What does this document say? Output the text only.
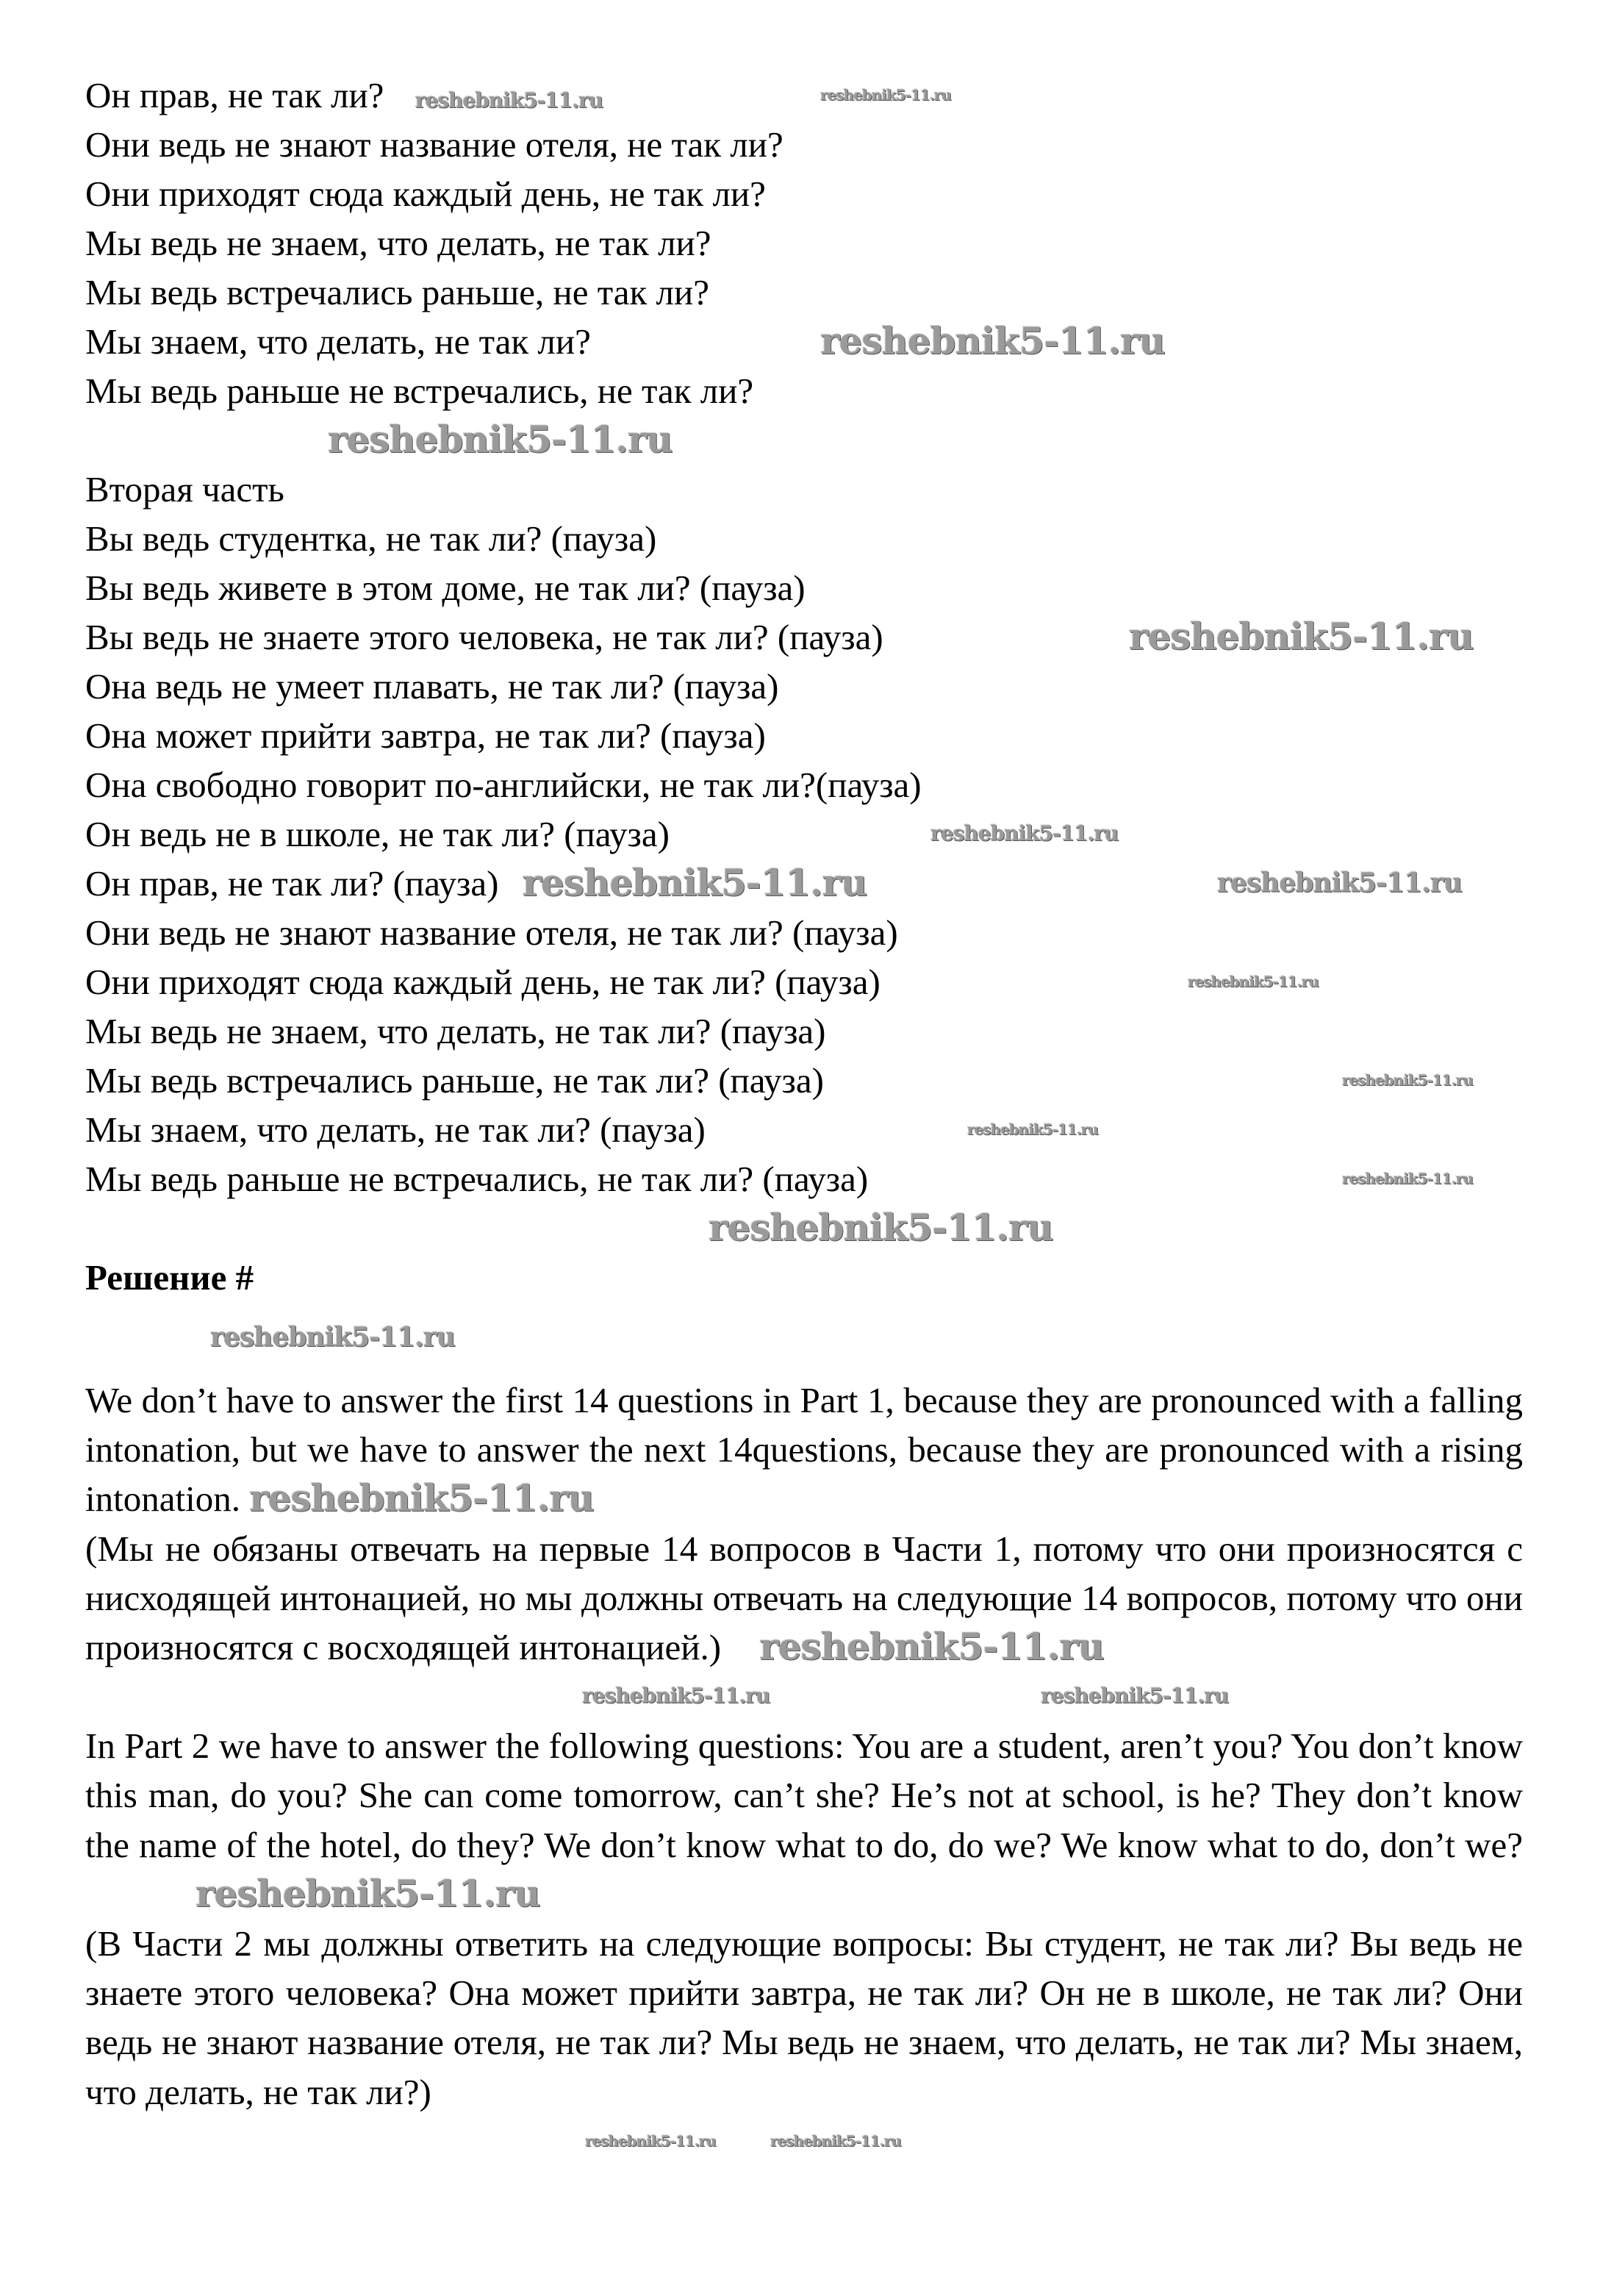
Он прав, не так ли? reshebnik5-11.ru	reshebnik5-11.ru
Они ведь не знают название отеля, не так ли?
Они приходят сюда каждый день, не так ли?
Мы ведь не знаем, что делать, не так ли?
Мы ведь встречались раньше, не так ли?
Мы знаем, что делать, не так ли?	reshebnik5-11.ru
Мы ведь раньше не встречались, не так ли?
reshebnik5-11.ru
Вторая часть
Вы ведь студентка, не так ли? (пауза)
Вы ведь живете в этом доме, не так ли? (пауза)
Вы ведь не знаете этого человека, не так ли? (пауза)	reshebnik5-11.ru
Она ведь не умеет плавать, не так ли? (пауза)
Она может прийти завтра, не так ли? (пауза)
Она свободно говорит по-английски, не так ли?(пауза)
Он ведь не в школе, не так ли? (пауза)	reshebnik5-11.ru
Он прав, не так ли? (пауза) reshebnik5-11.ru	reshebnik5-11.ru
Они ведь не знают название отеля, не так ли? (пауза)
Они приходят сюда каждый день, не так ли? (пауза)	reshebnik5-11.ru
Мы ведь не знаем, что делать, не так ли? (пауза)
Мы ведь встречались раньше, не так ли? (пауза)	reshebnik5-11.ru
Мы знаем, что делать, не так ли? (пауза)	reshebnik5-11.ru
Мы ведь раньше не встречались, не так ли? (пауза)	reshebnik5-11.ru
reshebnik5-11.ru
Решение #
reshebnik5-11.ru
We don’t have to answer the first 14 questions in Part 1, because they are pronounced with a falling intonation, but we have to answer the next 14questions, because they are pronounced with a rising intonation. reshebnik5-11.ru
(Мы не обязаны отвечать на первые 14 вопросов в Части 1, потому что они произносятся с нисходящей интонацией, но мы должны отвечать на следующие 14 вопросов, потому что они произносятся с восходящей интонацией.) reshebnik5-11.ru
reshebnik5-11.ru	reshebnik5-11.ru
In Part 2 we have to answer the following questions: You are a student, aren’t you? You don’t know this man, do you? She can come tomorrow, can’t she? He’s not at school, is he? They don’t know the name of the hotel, do they? We don’t know what to do, do we? We know what to do, don’t we? reshebnik5-11.ru
(В Части 2 мы должны ответить на следующие вопросы: Вы студент, не так ли? Вы ведь не знаете этого человека? Она может прийти завтра, не так ли? Он не в школе, не так ли? Они ведь не знают название отеля, не так ли? Мы ведь не знаем, что делать, не так ли? Мы знаем, что делать, не так ли?)
reshebnik5-11.ru	reshebnik5-11.ru
